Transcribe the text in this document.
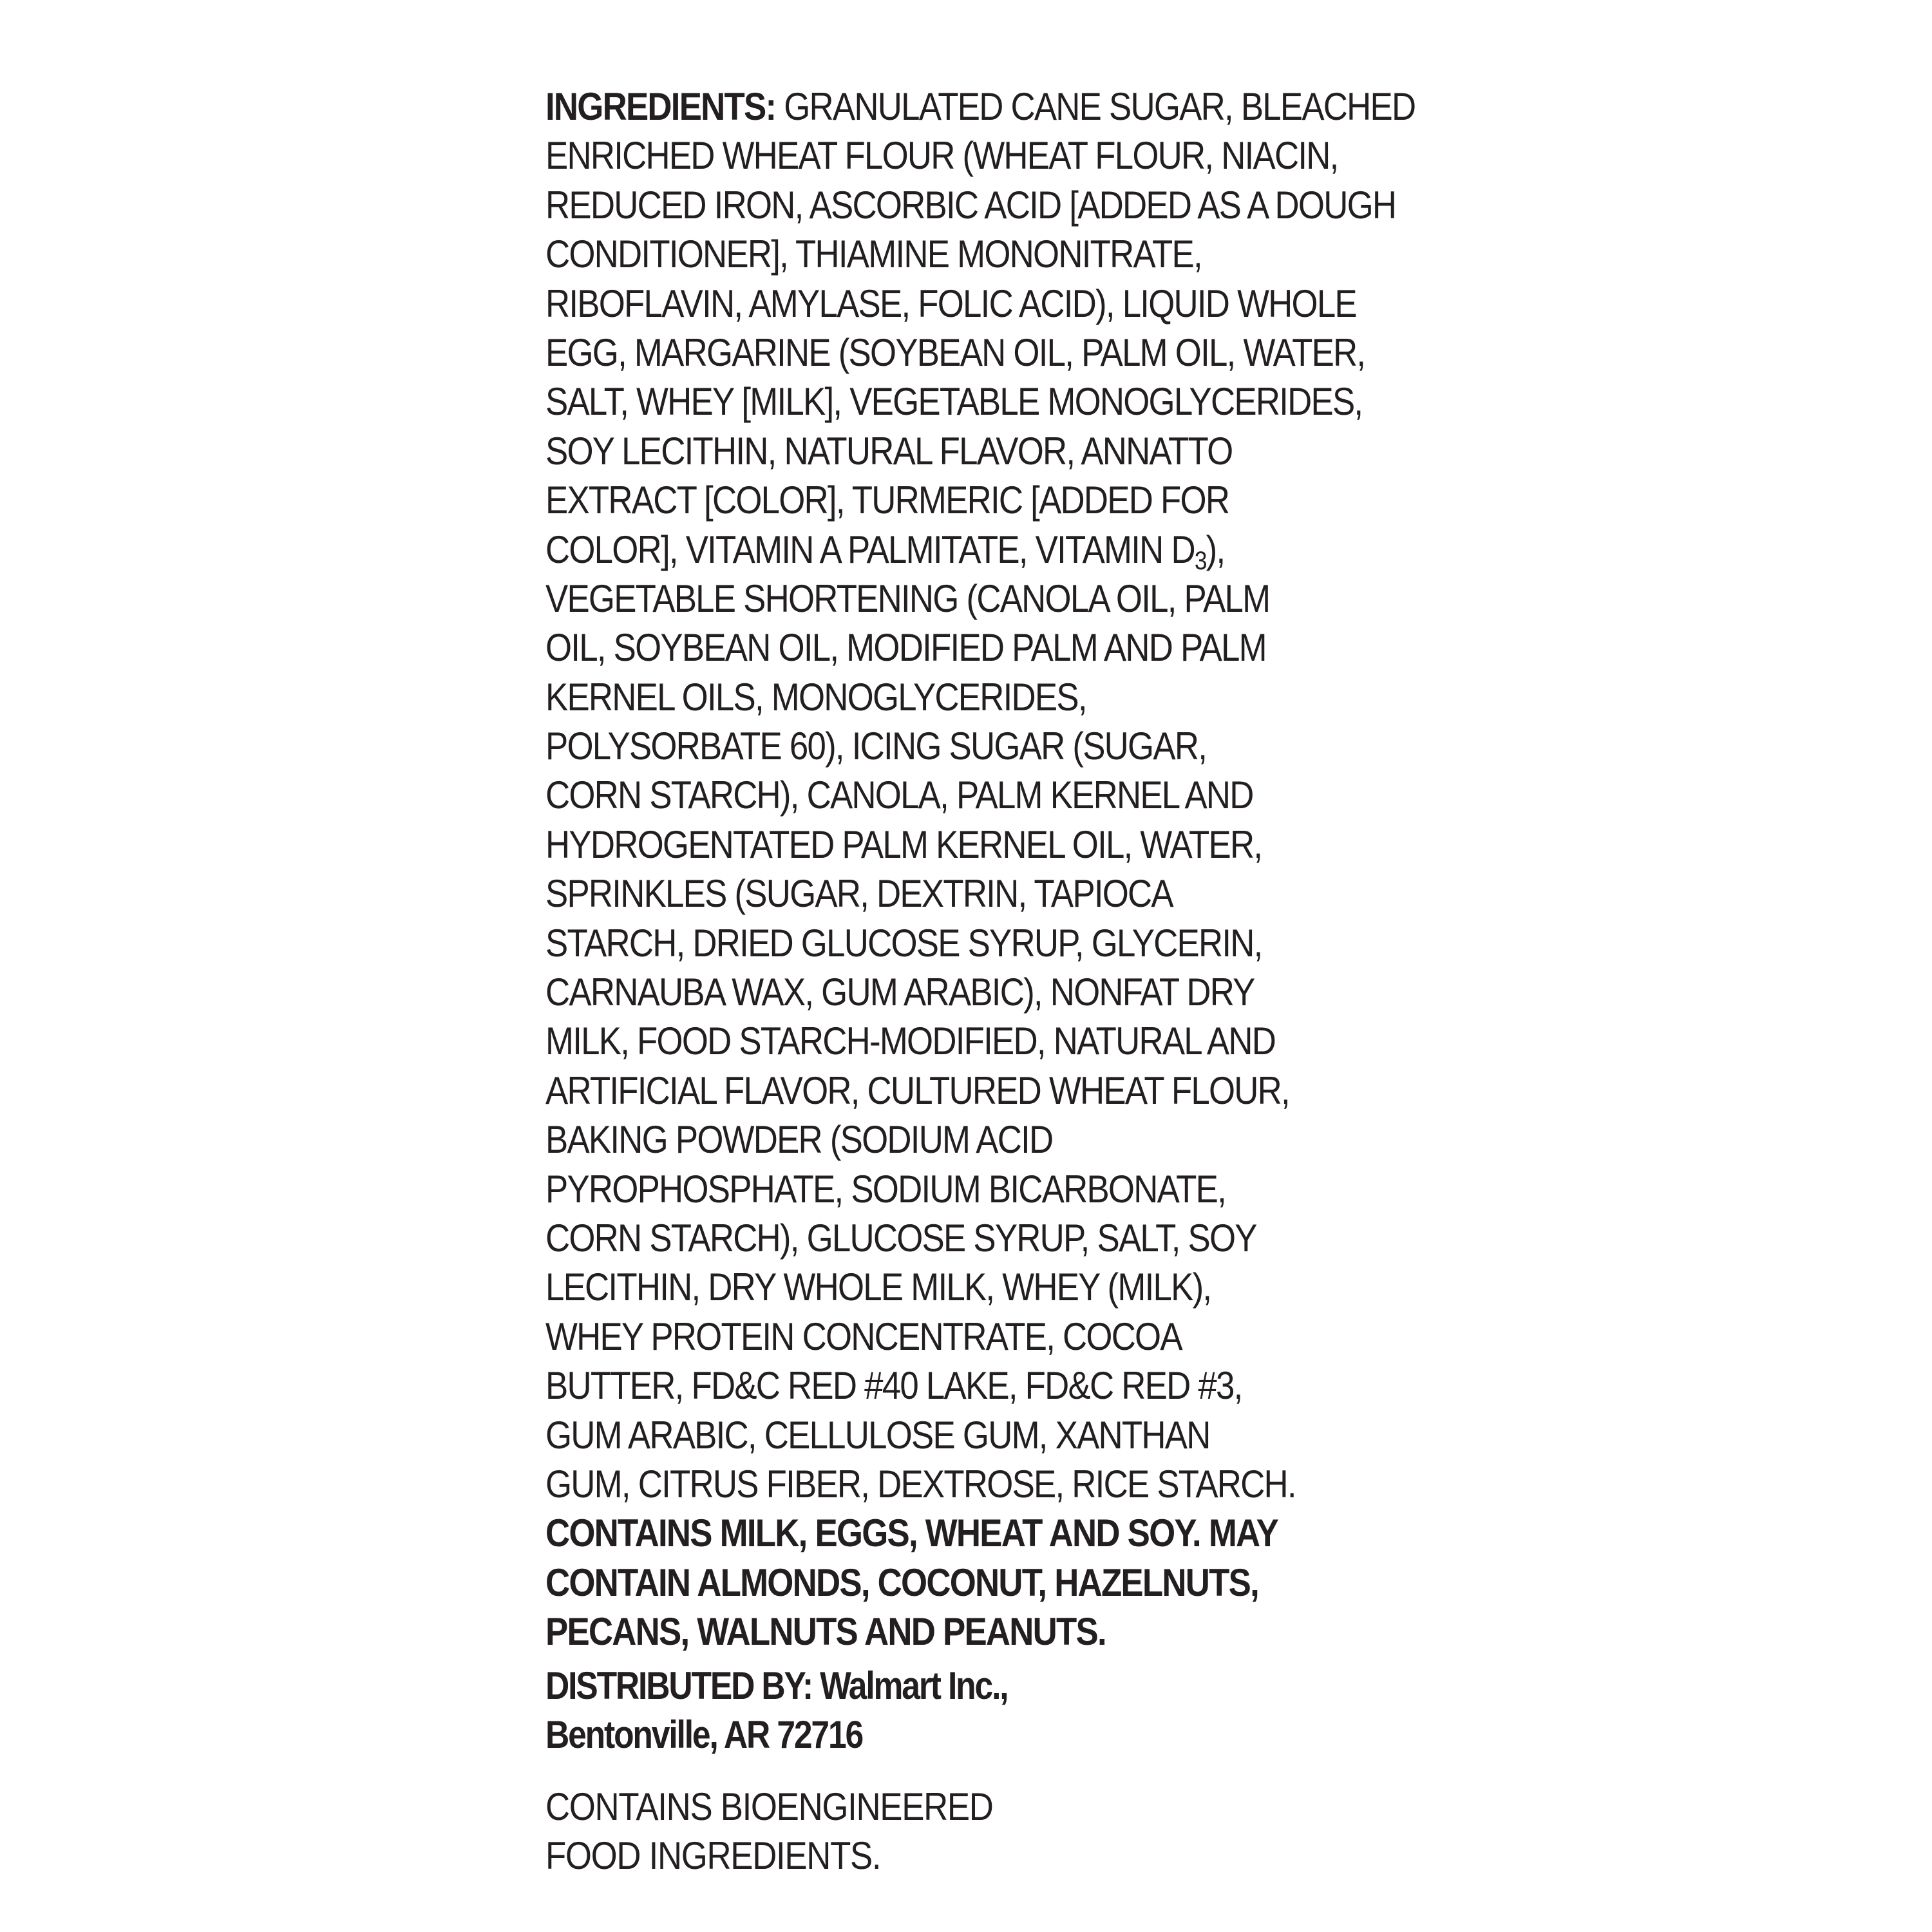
INGREDIENTS: GRANULATED CANE SUGAR, BLEACHED
ENRICHED WHEAT FLOUR (WHEAT FLOUR, NIACIN,
REDUCED IRON, ASCORBIC ACID [ADDED AS A DOUGH
CONDITIONER], THIAMINE MONONITRATE,
RIBOFLAVIN, AMYLASE, FOLIC ACID), LIQUID WHOLE
EGG, MARGARINE (SOYBEAN OIL, PALM OIL, WATER,
SALT, WHEY [MILK], VEGETABLE MONOGLYCERIDES,
SOY LECITHIN, NATURAL FLAVOR, ANNATTO
EXTRACT [COLOR], TURMERIC [ADDED FOR
COLOR], VITAMIN A PALMITATE, VITAMIN $D_3$),
VEGETABLE SHORTENING (CANOLA OIL, PALM
OIL, SOYBEAN OIL, MODIFIED PALM AND PALM
KERNEL OILS, MONOGLYCERIDES,
POLYSORBATE 60), ICING SUGAR (SUGAR,
CORN STARCH), CANOLA, PALM KERNEL AND
HYDROGENTATED PALM KERNEL OIL, WATER,
SPRINKLES (SUGAR, DEXTRIN, TAPIOCA
STARCH, DRIED GLUCOSE SYRUP, GLYCERIN,
CARNAUBA WAX, GUM ARABIC), NONFAT DRY
MILK, FOOD STARCH-MODIFIED, NATURAL AND
ARTIFICIAL FLAVOR, CULTURED WHEAT FLOUR,
BAKING POWDER (SODIUM ACID
PYROPHOSPHATE, SODIUM BICARBONATE,
CORN STARCH), GLUCOSE SYRUP, SALT, SOY
LECITHIN, DRY WHOLE MILK, WHEY (MILK),
WHEY PROTEIN CONCENTRATE, COCOA
BUTTER, FD&C RED #40 LAKE, FD&C RED #3,
GUM ARABIC, CELLULOSE GUM, XANTHAN
GUM, CITRUS FIBER, DEXTROSE, RICE STARCH.
CONTAINS MILK, EGGS, WHEAT AND SOY. MAY
CONTAIN ALMONDS, COCONUT, HAZELNUTS,
PECANS, WALNUTS AND PEANUTS.
DISTRIBUTED BY: Walmart Inc.,
Bentonville, AR 72716
CONTAINS BIOENGINEERED
FOOD INGREDIENTS.
